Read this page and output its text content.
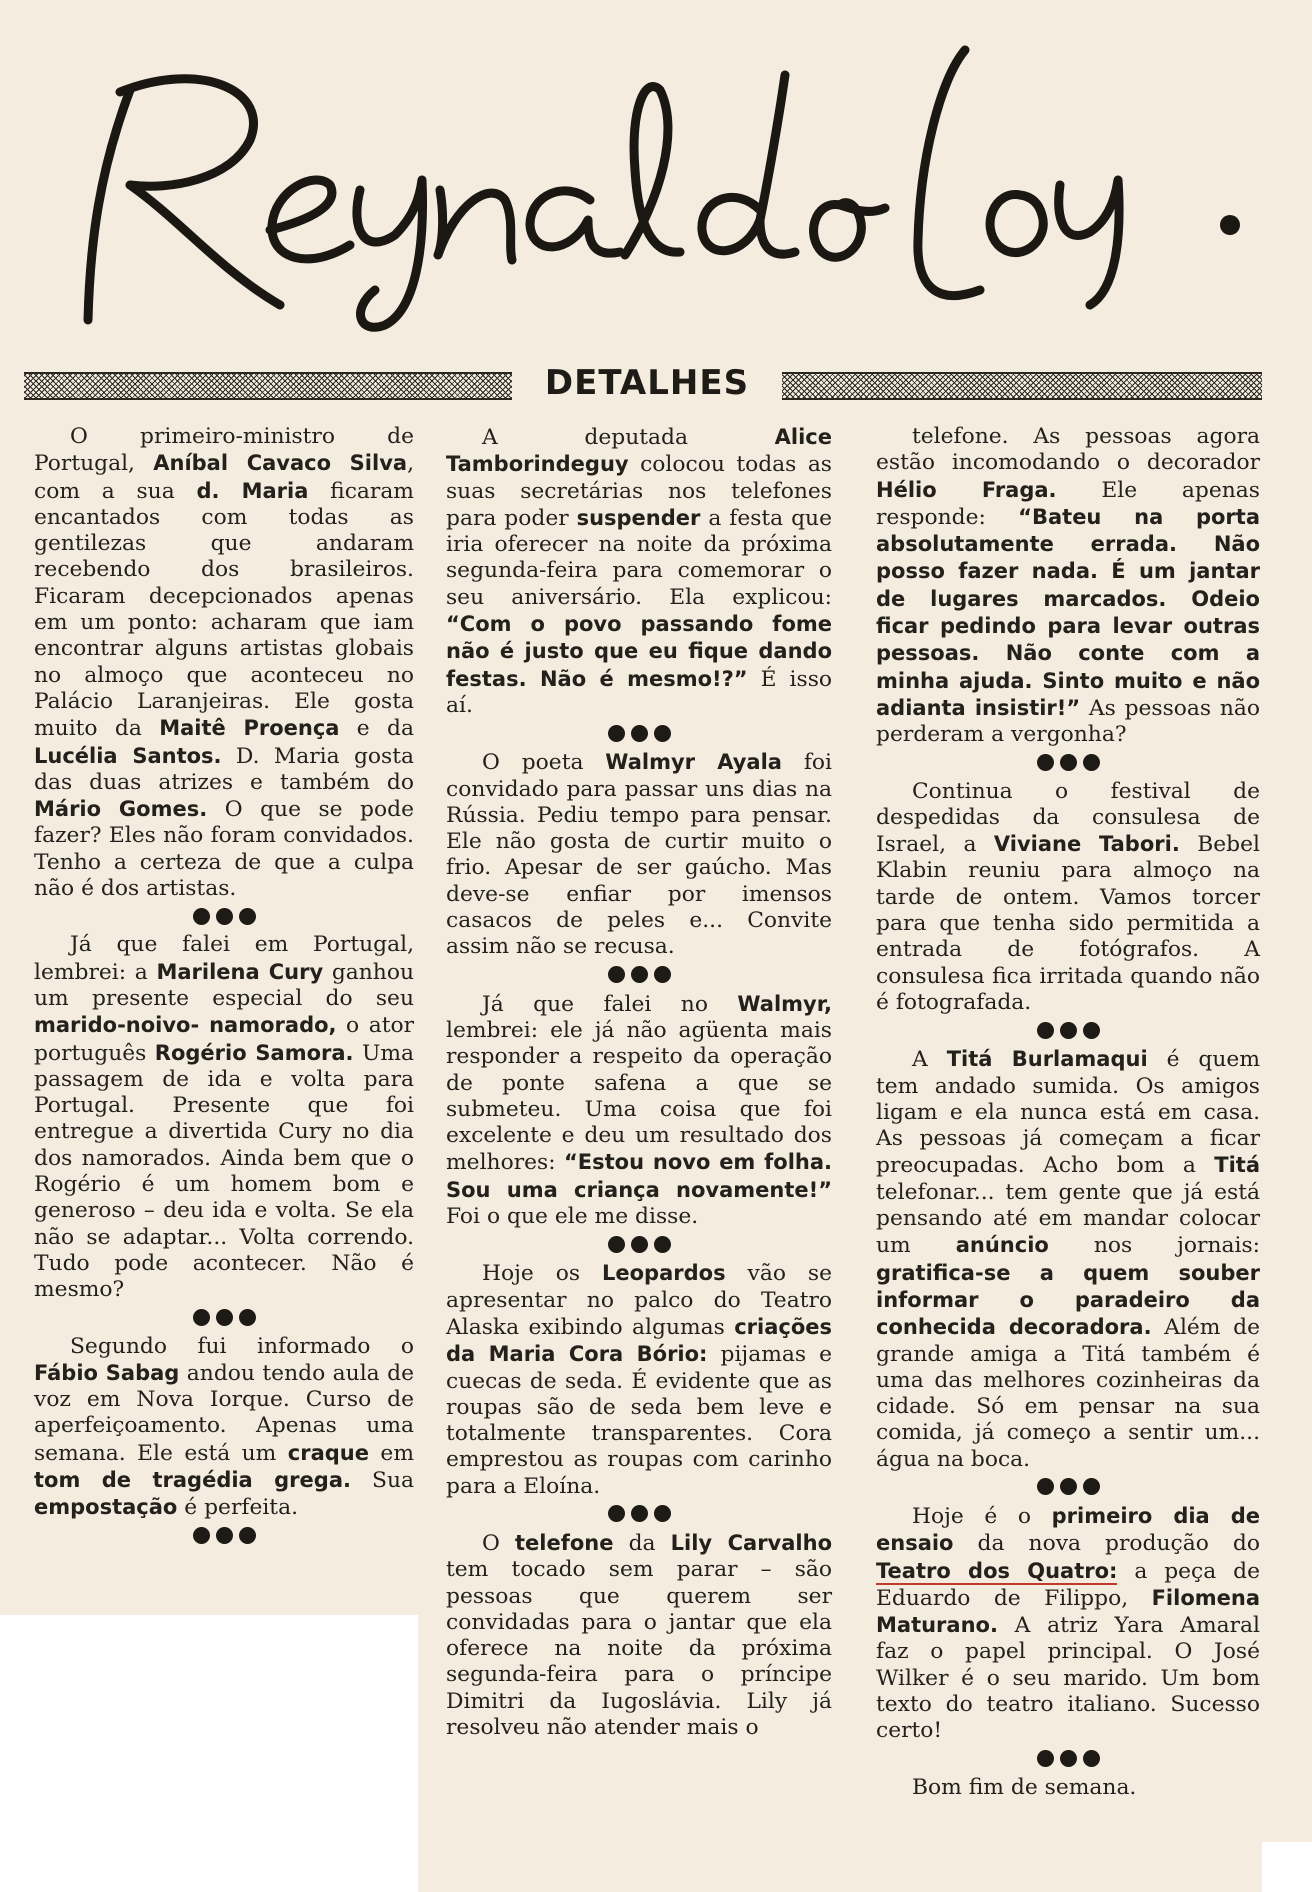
DETALHES

O primeiro-ministro de Portugal, Aníbal Cavaco Silva, com a sua d. Maria ficaram encantados com todas as gentilezas que andaram recebendo dos brasileiros. Ficaram decepcionados apenas em um ponto: acharam que iam encontrar alguns artistas globais no almoço que aconteceu no Palácio Laranjeiras. Ele gosta muito da Maitê Proença e da Lucélia Santos. D. Maria gosta das duas atrizes e também do Mário Gomes. O que se pode fazer? Eles não foram convidados. Tenho a certeza de que a culpa não é dos artistas.

Já que falei em Portugal, lembrei: a Marilena Cury ganhou um presente especial do seu marido-noivo- namorado, o ator português Rogério Samora. Uma passagem de ida e volta para Portugal. Presente que foi entregue a divertida Cury no dia dos namorados. Ainda bem que o Rogério é um homem bom e generoso – deu ida e volta. Se ela não se adaptar... Volta correndo. Tudo pode acontecer. Não é mesmo?

Segundo fui informado o Fábio Sabag andou tendo aula de voz em Nova Iorque. Curso de aperfeiçoamento. Apenas uma semana. Ele está um craque em tom de tragédia grega. Sua empostação é perfeita.

A deputada Alice Tamborindeguy colocou todas as suas secretárias nos telefones para poder suspender a festa que iria oferecer na noite da próxima segunda-feira para comemorar o seu aniversário. Ela explicou: “Com o povo passando fome não é justo que eu fique dando festas. Não é mesmo!?” É isso aí.

O poeta Walmyr Ayala foi convidado para passar uns dias na Rússia. Pediu tempo para pensar. Ele não gosta de curtir muito o frio. Apesar de ser gaúcho. Mas deve-se enfiar por imensos casacos de peles e... Convite assim não se recusa.

Já que falei no Walmyr, lembrei: ele já não agüenta mais responder a respeito da operação de ponte safena a que se submeteu. Uma coisa que foi excelente e deu um resultado dos melhores: “Estou novo em folha. Sou uma criança novamente!” Foi o que ele me disse.

Hoje os Leopardos vão se apresentar no palco do Teatro Alaska exibindo algumas criações da Maria Cora Bório: pijamas e cuecas de seda. É evidente que as roupas são de seda bem leve e totalmente transparentes. Cora emprestou as roupas com carinho para a Eloína.

O telefone da Lily Carvalho tem tocado sem parar – são pessoas que querem ser convidadas para o jantar que ela oferece na noite da próxima segunda-feira para o príncipe Dimitri da Iugoslávia. Lily já resolveu não atender mais o

telefone. As pessoas agora estão incomodando o decorador Hélio Fraga. Ele apenas responde: “Bateu na porta absolutamente errada. Não posso fazer nada. É um jantar de lugares marcados. Odeio ficar pedindo para levar outras pessoas. Não conte com a minha ajuda. Sinto muito e não adianta insistir!” As pessoas não perderam a vergonha?

Continua o festival de despedidas da consulesa de Israel, a Viviane Tabori. Bebel Klabin reuniu para almoço na tarde de ontem. Vamos torcer para que tenha sido permitida a entrada de fotógrafos. A consulesa fica irritada quando não é fotografada.

A Titá Burlamaqui é quem tem andado sumida. Os amigos ligam e ela nunca está em casa. As pessoas já começam a ficar preocupadas. Acho bom a Titá telefonar... tem gente que já está pensando até em mandar colocar um anúncio nos jornais: gratifica-se a quem souber informar o paradeiro da conhecida decoradora. Além de grande amiga a Titá também é uma das melhores cozinheiras da cidade. Só em pensar na sua comida, já começo a sentir um... água na boca.

Hoje é o primeiro dia de ensaio da nova produção do Teatro dos Quatro: a peça de Eduardo de Filippo, Filomena Maturano. A atriz Yara Amaral faz o papel principal. O José Wilker é o seu marido. Um bom texto do teatro italiano. Sucesso certo!

Bom fim de semana.
